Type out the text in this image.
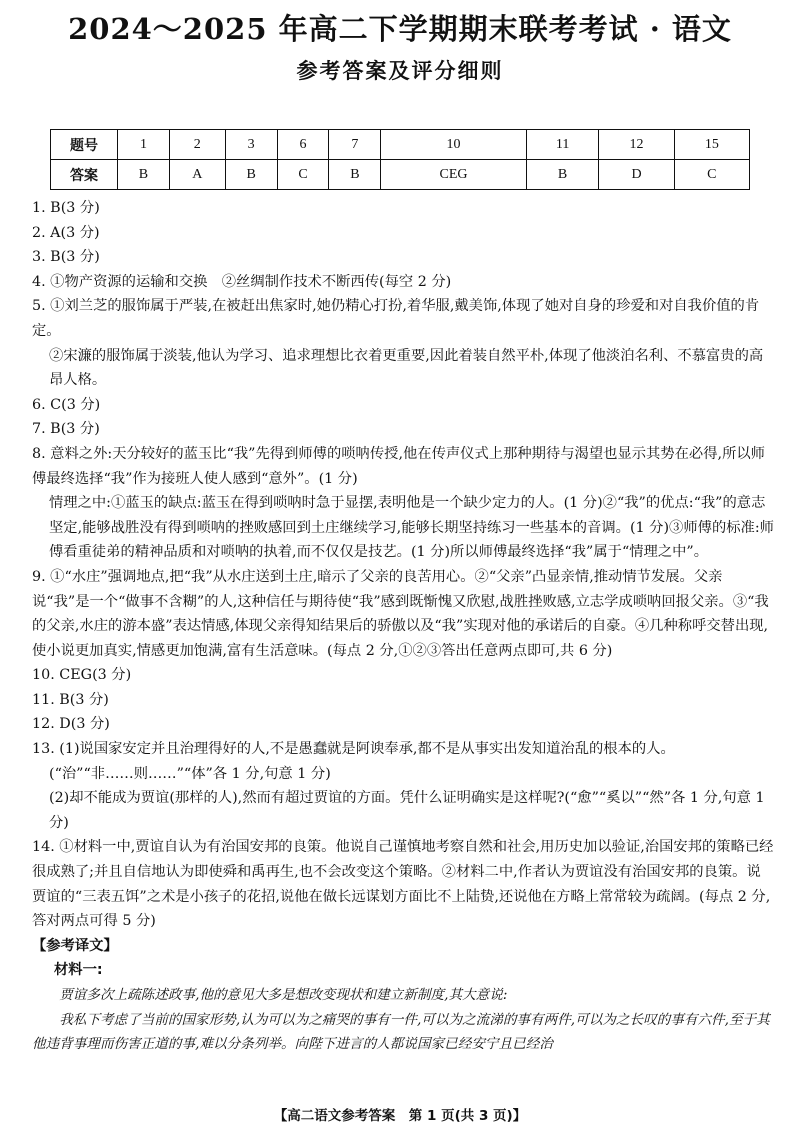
2024～2025 年高二下学期期末联考考试 · 语文
参考答案及评分细则
题号	1	2	3	6	7	10	11	12	15
答案	B	A	B	C	B	CEG	B	D	C

1. B(3 分)

2. A(3 分)

3. B(3 分)

4. ①物产资源的运输和交换　②丝绸制作技术不断西传(每空 2 分)

5. ①刘兰芝的服饰属于严装,在被赶出焦家时,她仍精心打扮,着华服,戴美饰,体现了她对自身的珍爱和对自我价值的肯定。

②宋濂的服饰属于淡装,他认为学习、追求理想比衣着更重要,因此着装自然平朴,体现了他淡泊名利、不慕富贵的高昂人格。

6. C(3 分)

7. B(3 分)

8. 意料之外:天分较好的蓝玉比“我”先得到师傅的唢呐传授,他在传声仪式上那种期待与渴望也显示其势在必得,所以师傅最终选择“我”作为接班人使人感到“意外”。(1 分)

情理之中:①蓝玉的缺点:蓝玉在得到唢呐时急于显摆,表明他是一个缺少定力的人。(1 分)②“我”的优点:“我”的意志坚定,能够战胜没有得到唢呐的挫败感回到土庄继续学习,能够长期坚持练习一些基本的音调。(1 分)③师傅的标准:师傅看重徒弟的精神品质和对唢呐的执着,而不仅仅是技艺。(1 分)所以师傅最终选择“我”属于“情理之中”。

9. ①“水庄”强调地点,把“我”从水庄送到土庄,暗示了父亲的良苦用心。②“父亲”凸显亲情,推动情节发展。父亲说“我”是一个“做事不含糊”的人,这种信任与期待使“我”感到既惭愧又欣慰,战胜挫败感,立志学成唢呐回报父亲。③“我的父亲,水庄的游本盛”表达情感,体现父亲得知结果后的骄傲以及“我”实现对他的承诺后的自豪。④几种称呼交替出现,使小说更加真实,情感更加饱满,富有生活意味。(每点 2 分,①②③答出任意两点即可,共 6 分)

10. CEG(3 分)

11. B(3 分)

12. D(3 分)

13. (1)说国家安定并且治理得好的人,不是愚蠢就是阿谀奉承,都不是从事实出发知道治乱的根本的人。

(“治”“非……则……”“体”各 1 分,句意 1 分)

(2)却不能成为贾谊(那样的人),然而有超过贾谊的方面。凭什么证明确实是这样呢?(“愈”“奚以”“然”各 1 分,句意 1 分)

14. ①材料一中,贾谊自认为有治国安邦的良策。他说自己谨慎地考察自然和社会,用历史加以验证,治国安邦的策略已经很成熟了;并且自信地认为即使舜和禹再生,也不会改变这个策略。②材料二中,作者认为贾谊没有治国安邦的良策。说贾谊的“三表五饵”之术是小孩子的花招,说他在做长远谋划方面比不上陆贽,还说他在方略上常常较为疏阔。(每点 2 分,答对两点可得 5 分)

【参考译文】

材料一:

贾谊多次上疏陈述政事,他的意见大多是想改变现状和建立新制度,其大意说:

我私下考虑了当前的国家形势,认为可以为之痛哭的事有一件,可以为之流涕的事有两件,可以为之长叹的事有六件,至于其他违背事理而伤害正道的事,难以分条列举。向陛下进言的人都说国家已经安宁且已经治

【高二语文参考答案　第 1 页(共 3 页)】
